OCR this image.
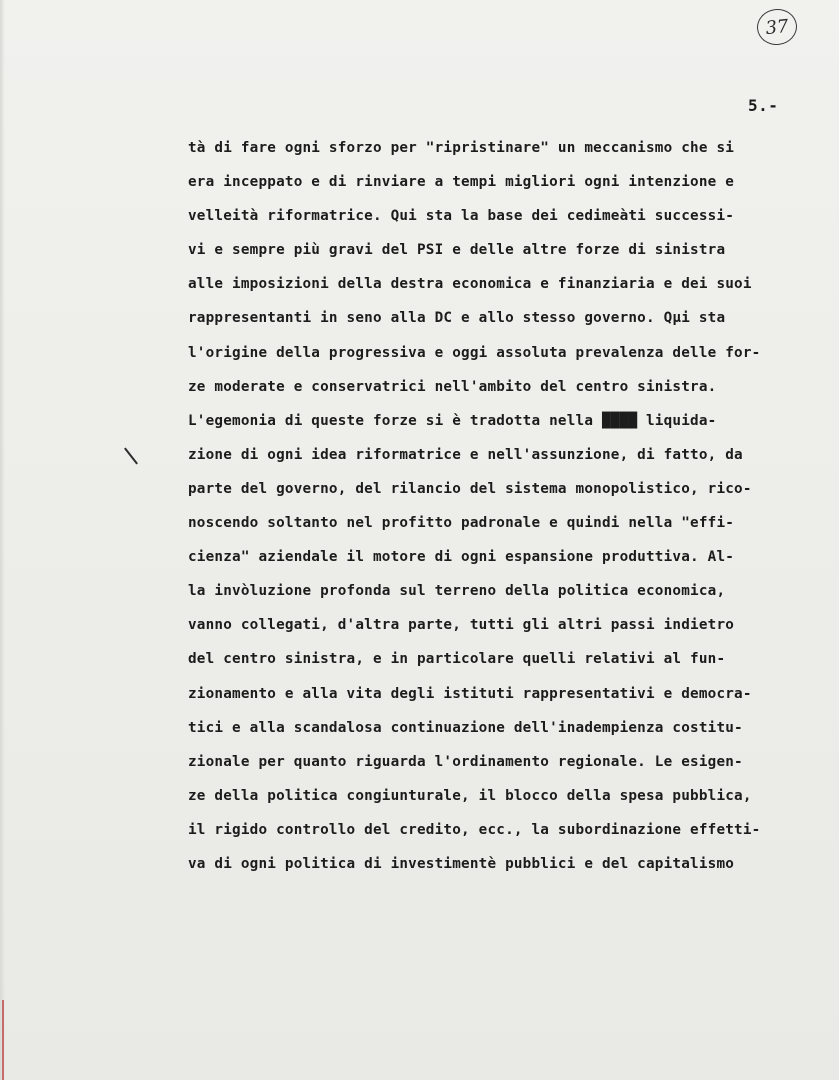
37
5.-
tà di fare ogni sforzo per "ripristinare" un meccanismo che si
era inceppato e di rinviare a tempi migliori ogni intenzione e
velleità riformatrice. Qui sta la base dei cedimeàti successi-
vi e sempre più gravi del PSI e delle altre forze di sinistra
alle imposizioni della destra economica e finanziaria e dei suoi
rappresentanti in seno alla DC e allo stesso governo. Qµi sta
l'origine della progressiva e oggi assoluta prevalenza delle for-
ze moderate e conservatrici nell'ambito del centro sinistra.
L'egemonia di queste forze si è tradotta nella ████ liquida-
zione di ogni idea riformatrice e nell'assunzione, di fatto, da
parte del governo, del rilancio del sistema monopolistico, rico-
noscendo soltanto nel profitto padronale e quindi nella "effi-
cienza" aziendale il motore di ogni espansione produttiva. Al-
la invòluzione profonda sul terreno della politica economica,
vanno collegati, d'altra parte, tutti gli altri passi indietro
del centro sinistra, e in particolare quelli relativi al fun-
zionamento e alla vita degli istituti rappresentativi e democra-
tici e alla scandalosa continuazione dell'inadempienza costitu-
zionale per quanto riguarda l'ordinamento regionale. Le esigen-
ze della politica congiunturale, il blocco della spesa pubblica,
il rigido controllo del credito, ecc., la subordinazione effetti-
va di ogni politica di investimentè pubblici e del capitalismo
